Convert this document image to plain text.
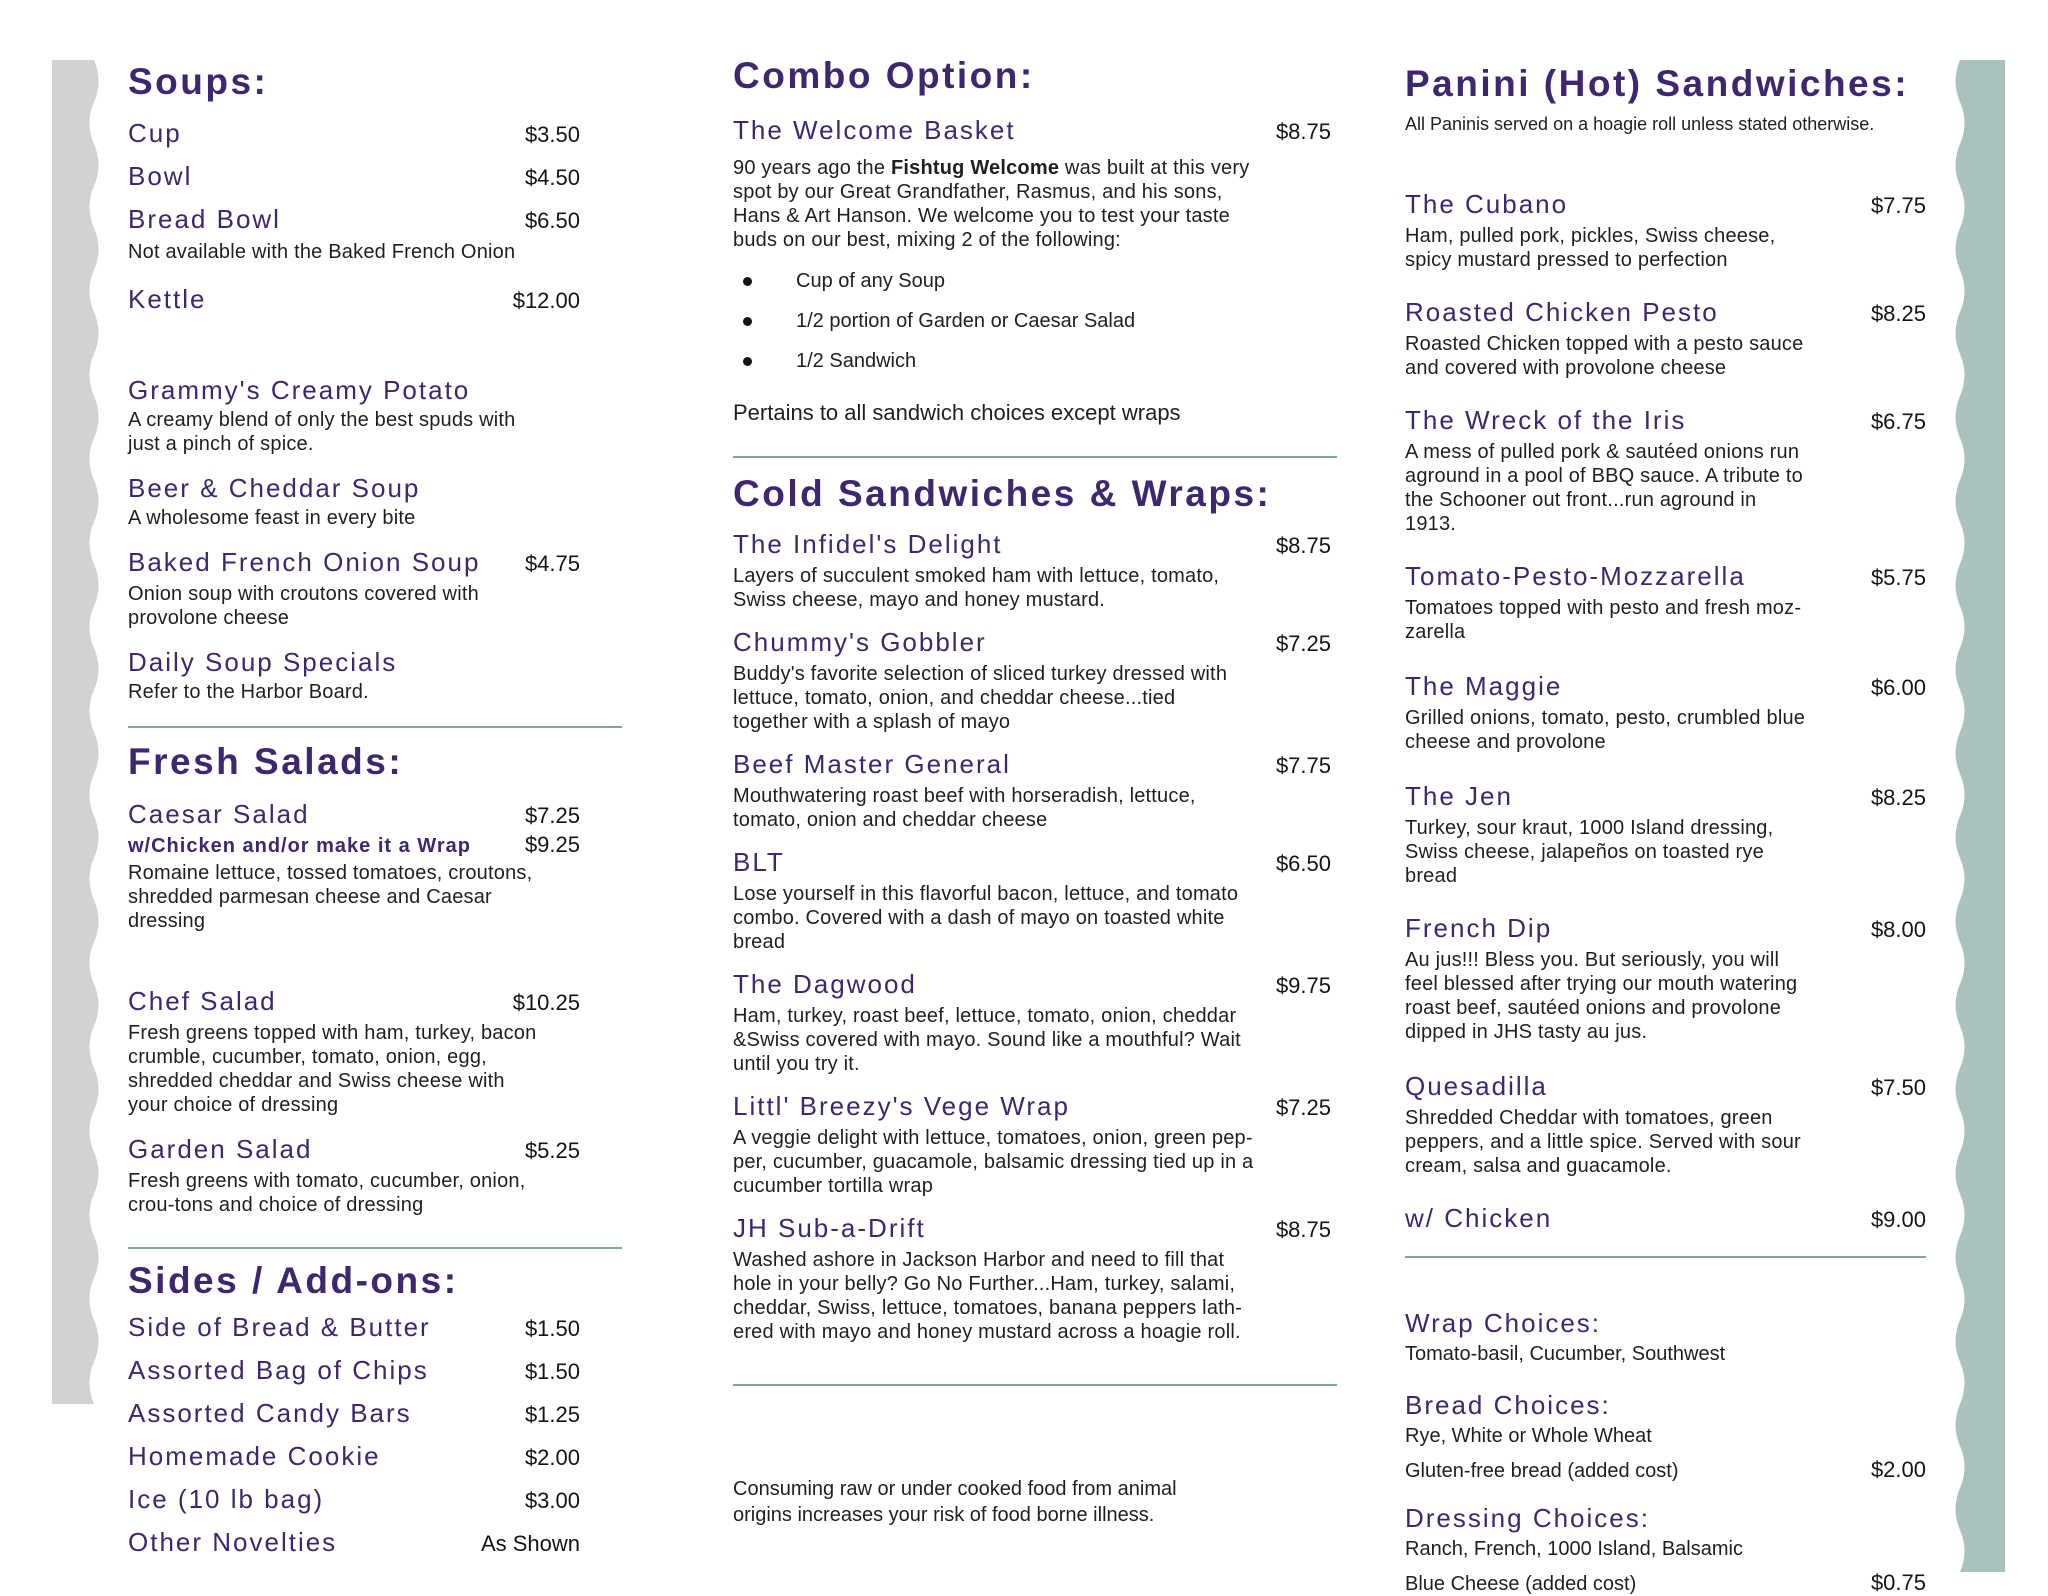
Soups:
Cup	$3.50
Bowl	$4.50
Bread Bowl	$6.50
Not available with the Baked French Onion
Kettle	$12.00
Grammy's Creamy Potato
A creamy blend of only the best spuds with just a pinch of spice.
Beer & Cheddar Soup
A wholesome feast in every bite
Baked French Onion Soup $4.75
Onion soup with croutons covered with provolone cheese
Daily Soup Specials
Refer to the Harbor Board.
Fresh Salads:
Caesar Salad	$7.25
w/Chicken and/or make it a Wrap $9.25
Romaine lettuce, tossed tomatoes, croutons, shredded parmesan cheese and Caesar dressing
Chef Salad	$10.25
Fresh greens topped with ham, turkey, bacon crumble, cucumber, tomato, onion, egg, shredded cheddar and Swiss cheese with your choice of dressing
Garden Salad	$5.25
Fresh greens with tomato, cucumber, onion, crou-tons and choice of dressing
Sides / Add-ons:
Side of Bread & Butter	$1.50
Assorted Bag of Chips	$1.50
Assorted Candy Bars	$1.25
Homemade Cookie	$2.00
Ice (10 lb bag)	$3.00
Other Novelties	As Shown
Combo Option:
The Welcome Basket	$8.75
90 years ago the Fishtug Welcome was built at this very spot by our Great Grandfather, Rasmus, and his sons, Hans & Art Hanson. We welcome you to test your taste buds on our best, mixing 2 of the following:
Cup of any Soup
1/2 portion of Garden or Caesar Salad
1/2 Sandwich
Pertains to all sandwich choices except wraps
Cold Sandwiches & Wraps:
The Infidel's Delight	$8.75
Layers of succulent smoked ham with lettuce, tomato, Swiss cheese, mayo and honey mustard.
Chummy's Gobbler	$7.25
Buddy's favorite selection of sliced turkey dressed with lettuce, tomato, onion, and cheddar cheese...tied together with a splash of mayo
Beef Master General	$7.75
Mouthwatering roast beef with horseradish, lettuce, tomato, onion and cheddar cheese
BLT	$6.50
Lose yourself in this flavorful bacon, lettuce, and tomato combo. Covered with a dash of mayo on toasted white bread
The Dagwood	$9.75
Ham, turkey, roast beef, lettuce, tomato, onion, cheddar &Swiss covered with mayo. Sound like a mouthful? Wait until you try it.
Littl' Breezy's Vege Wrap	$7.25
A veggie delight with lettuce, tomatoes, onion, green pep-per, cucumber, guacamole, balsamic dressing tied up in a cucumber tortilla wrap
JH Sub-a-Drift	$8.75
Washed ashore in Jackson Harbor and need to fill that hole in your belly? Go No Further...Ham, turkey, salami, cheddar, Swiss, lettuce, tomatoes, banana peppers lath-ered with mayo and honey mustard across a hoagie roll.
Consuming raw or under cooked food from animal origins increases your risk of food borne illness.
Panini (Hot) Sandwiches:
All Paninis served on a hoagie roll unless stated otherwise.
The Cubano	$7.75
Ham, pulled pork, pickles, Swiss cheese, spicy mustard pressed to perfection
Roasted Chicken Pesto	$8.25
Roasted Chicken topped with a pesto sauce and covered with provolone cheese
The Wreck of the Iris	$6.75
A mess of pulled pork & sautéed onions run aground in a pool of BBQ sauce. A tribute to the Schooner out front...run aground in 1913.
Tomato-Pesto-Mozzarella	$5.75
Tomatoes topped with pesto and fresh moz-zarella
The Maggie	$6.00
Grilled onions, tomato, pesto, crumbled blue cheese and provolone
The Jen	$8.25
Turkey, sour kraut, 1000 Island dressing, Swiss cheese, jalapeños on toasted rye bread
French Dip	$8.00
Au jus!!! Bless you. But seriously, you will feel blessed after trying our mouth watering roast beef, sautéed onions and provolone dipped in JHS tasty au jus.
Quesadilla	$7.50
Shredded Cheddar with tomatoes, green peppers, and a little spice. Served with sour cream, salsa and guacamole.
w/ Chicken	$9.00
Wrap Choices:
Tomato-basil, Cucumber, Southwest
Bread Choices:
Rye, White or Whole Wheat
Gluten-free bread (added cost)	$2.00
Dressing Choices:
Ranch, French, 1000 Island, Balsamic
Blue Cheese (added cost)	$0.75
